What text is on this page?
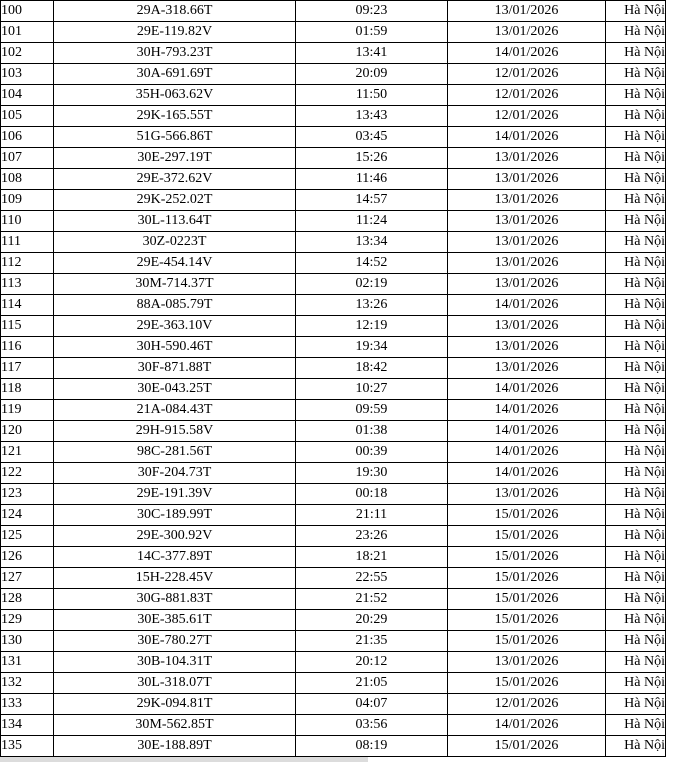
100	29A-318.66T	09:23	13/01/2026	Hà Nội
101	29E-119.82V	01:59	13/01/2026	Hà Nội
102	30H-793.23T	13:41	14/01/2026	Hà Nội
103	30A-691.69T	20:09	12/01/2026	Hà Nội
104	35H-063.62V	11:50	12/01/2026	Hà Nội
105	29K-165.55T	13:43	12/01/2026	Hà Nội
106	51G-566.86T	03:45	14/01/2026	Hà Nội
107	30E-297.19T	15:26	13/01/2026	Hà Nội
108	29E-372.62V	11:46	13/01/2026	Hà Nội
109	29K-252.02T	14:57	13/01/2026	Hà Nội
110	30L-113.64T	11:24	13/01/2026	Hà Nội
111	30Z-0223T	13:34	13/01/2026	Hà Nội
112	29E-454.14V	14:52	13/01/2026	Hà Nội
113	30M-714.37T	02:19	13/01/2026	Hà Nội
114	88A-085.79T	13:26	14/01/2026	Hà Nội
115	29E-363.10V	12:19	13/01/2026	Hà Nội
116	30H-590.46T	19:34	13/01/2026	Hà Nội
117	30F-871.88T	18:42	13/01/2026	Hà Nội
118	30E-043.25T	10:27	14/01/2026	Hà Nội
119	21A-084.43T	09:59	14/01/2026	Hà Nội
120	29H-915.58V	01:38	14/01/2026	Hà Nội
121	98C-281.56T	00:39	14/01/2026	Hà Nội
122	30F-204.73T	19:30	14/01/2026	Hà Nội
123	29E-191.39V	00:18	13/01/2026	Hà Nội
124	30C-189.99T	21:11	15/01/2026	Hà Nội
125	29E-300.92V	23:26	15/01/2026	Hà Nội
126	14C-377.89T	18:21	15/01/2026	Hà Nội
127	15H-228.45V	22:55	15/01/2026	Hà Nội
128	30G-881.83T	21:52	15/01/2026	Hà Nội
129	30E-385.61T	20:29	15/01/2026	Hà Nội
130	30E-780.27T	21:35	15/01/2026	Hà Nội
131	30B-104.31T	20:12	13/01/2026	Hà Nội
132	30L-318.07T	21:05	15/01/2026	Hà Nội
133	29K-094.81T	04:07	12/01/2026	Hà Nội
134	30M-562.85T	03:56	14/01/2026	Hà Nội
135	30E-188.89T	08:19	15/01/2026	Hà Nội
